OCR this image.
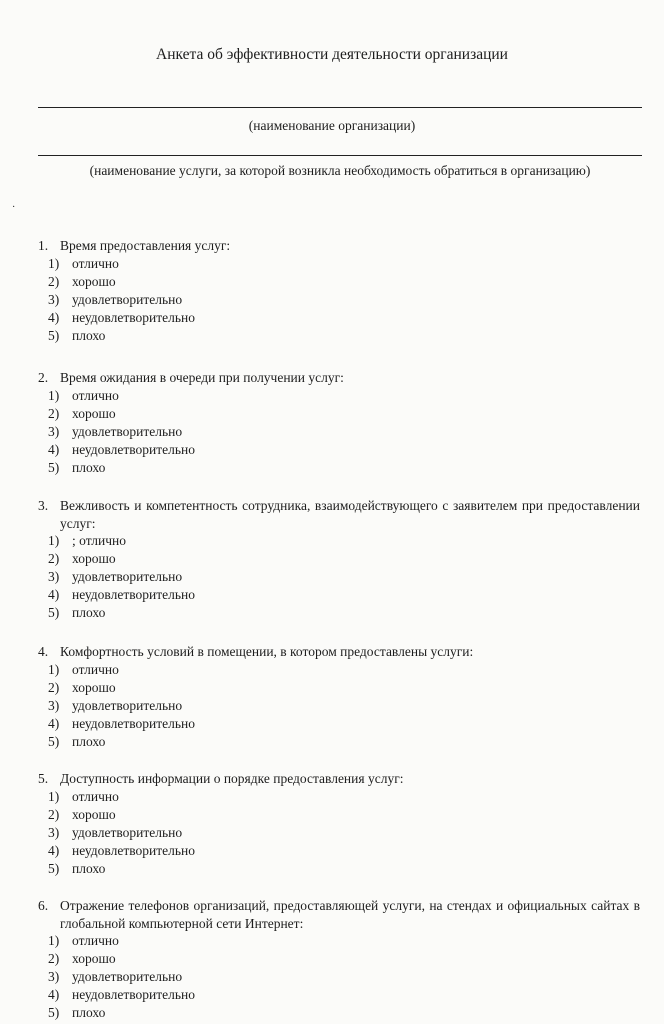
Анкета об эффективности деятельности организации
(наименование организации)
(наименование услуги, за которой возникла необходимость обратиться в организацию)
·
1. Время предоставления услуг:
1) отлично
2) хорошо
3) удовлетворительно
4) неудовлетворительно
5) плохо
2. Время ожидания в очереди при получении услуг:
1) отлично
2) хорошо
3) удовлетворительно
4) неудовлетворительно
5) плохо
3. Вежливость и компетентность сотрудника, взаимодействующего с заявителем при предоставлении услуг:
1) ; отлично
2) хорошо
3) удовлетворительно
4) неудовлетворительно
5) плохо
4. Комфортность условий в помещении, в котором предоставлены услуги:
1) отлично
2) хорошо
3) удовлетворительно
4) неудовлетворительно
5) плохо
5. Доступность информации о порядке предоставления услуг:
1) отлично
2) хорошо
3) удовлетворительно
4) неудовлетворительно
5) плохо
6. Отражение телефонов организаций, предоставляющей услуги, на стендах и официальных сайтах в глобальной компьютерной сети Интернет:
1) отлично
2) хорошо
3) удовлетворительно
4) неудовлетворительно
5) плохо
